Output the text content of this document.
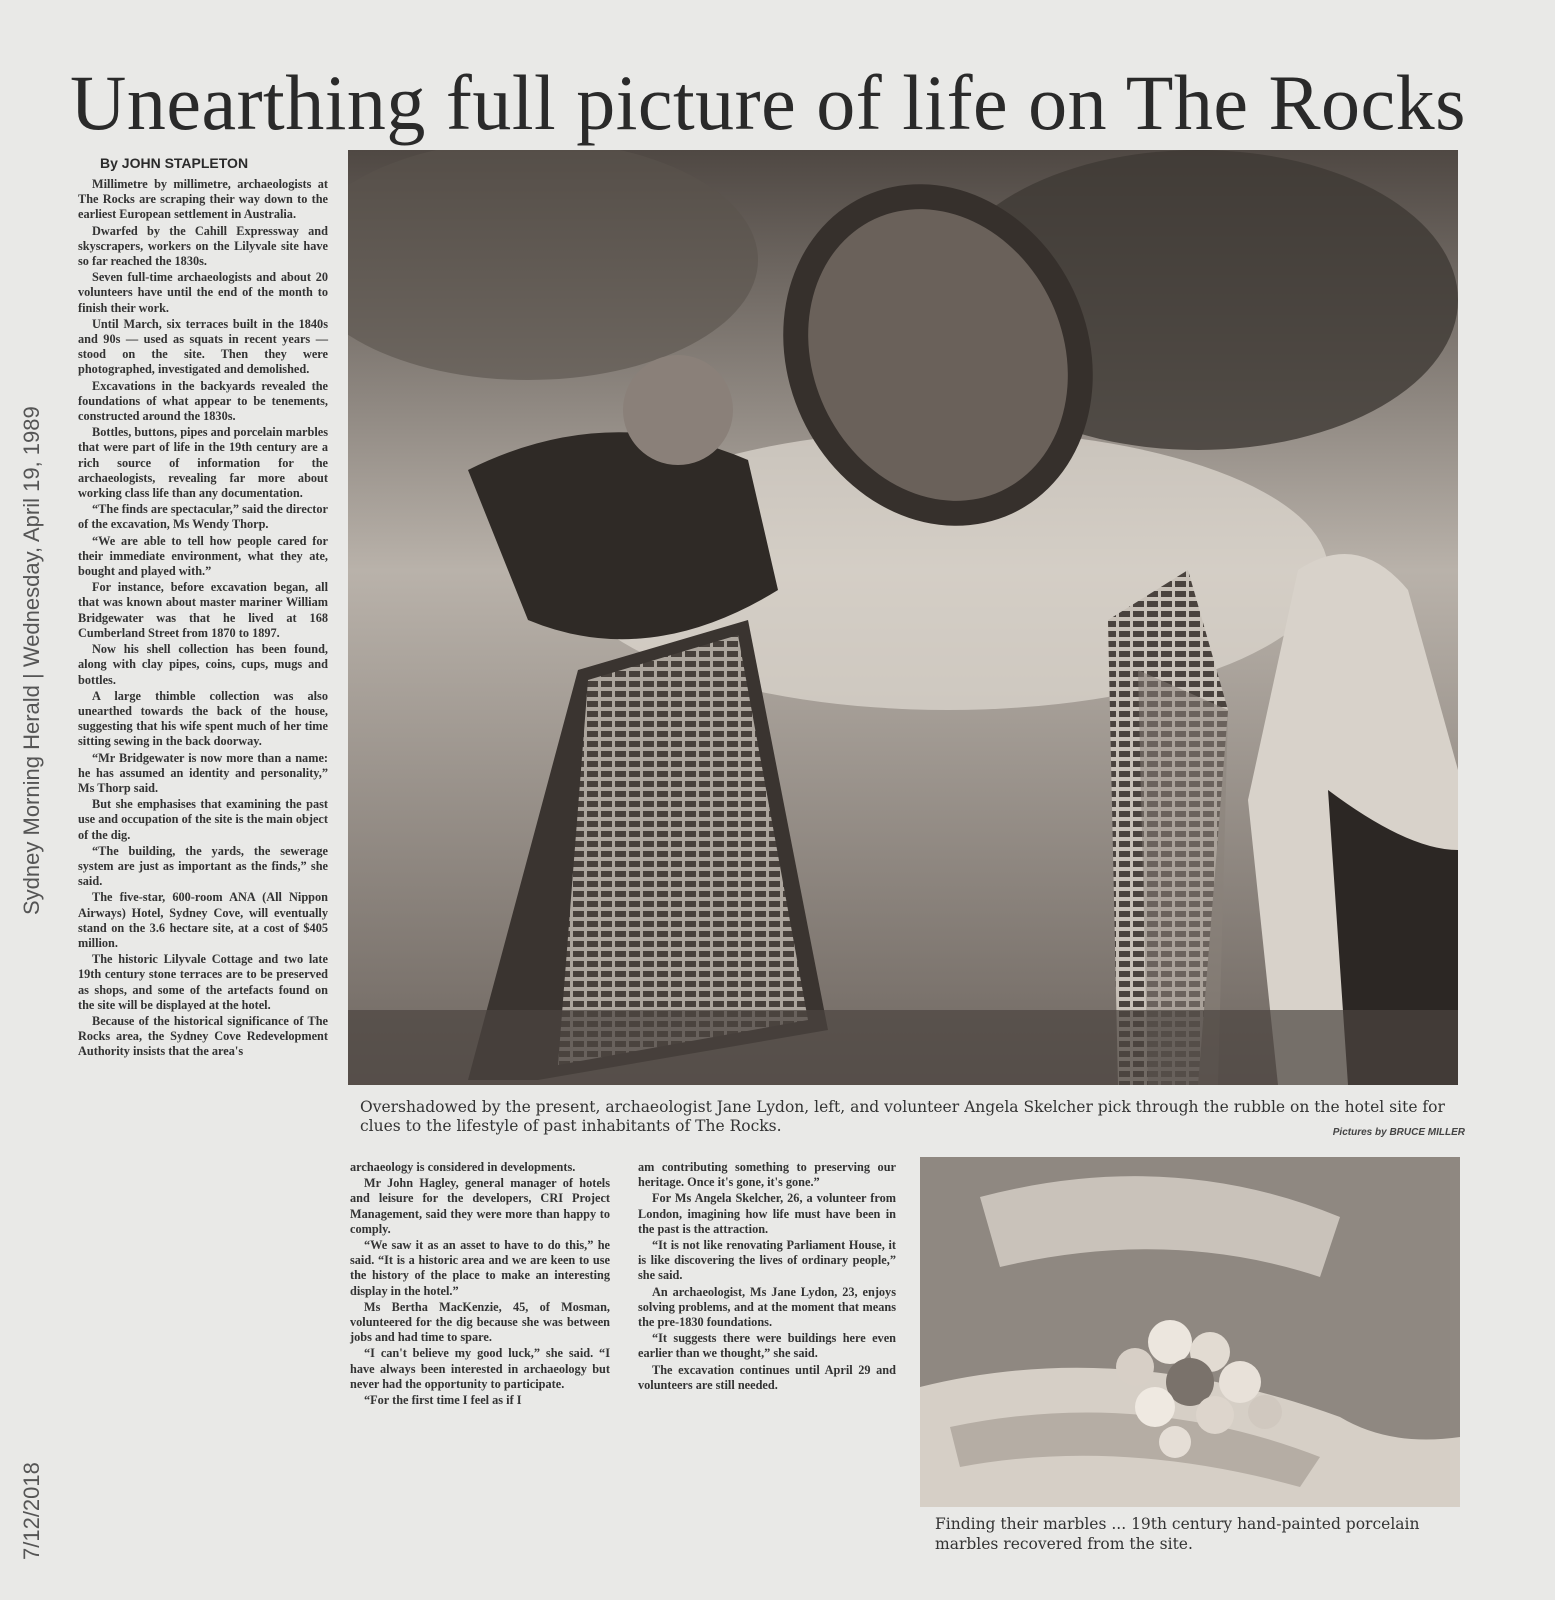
Unearthing full picture of life on The Rocks
Sydney Morning Herald | Wednesday, April 19, 1989
7/12/2018
By JOHN STAPLETON

Millimetre by millimetre, archaeologists at The Rocks are scraping their way down to the earliest European settlement in Australia.

Dwarfed by the Cahill Expressway and skyscrapers, workers on the Lilyvale site have so far reached the 1830s.

Seven full-time archaeologists and about 20 volunteers have until the end of the month to finish their work.

Until March, six terraces built in the 1840s and 90s — used as squats in recent years — stood on the site. Then they were photographed, investigated and demolished.

Excavations in the backyards revealed the foundations of what appear to be tenements, constructed around the 1830s.

Bottles, buttons, pipes and porcelain marbles that were part of life in the 19th century are a rich source of information for the archaeologists, revealing far more about working class life than any documentation.

“The finds are spectacular,” said the director of the excavation, Ms Wendy Thorp.

“We are able to tell how people cared for their immediate environment, what they ate, bought and played with.”

For instance, before excavation began, all that was known about master mariner William Bridgewater was that he lived at 168 Cumberland Street from 1870 to 1897.

Now his shell collection has been found, along with clay pipes, coins, cups, mugs and bottles.

A large thimble collection was also unearthed towards the back of the house, suggesting that his wife spent much of her time sitting sewing in the back doorway.

“Mr Bridgewater is now more than a name: he has assumed an identity and personality,” Ms Thorp said.

But she emphasises that examining the past use and occupation of the site is the main object of the dig.

“The building, the yards, the sewerage system are just as important as the finds,” she said.

The five-star, 600-room ANA (All Nippon Airways) Hotel, Sydney Cove, will eventually stand on the 3.6 hectare site, at a cost of $405 million.

The historic Lilyvale Cottage and two late 19th century stone terraces are to be preserved as shops, and some of the artefacts found on the site will be displayed at the hotel.

Because of the historical significance of The Rocks area, the Sydney Cove Redevelopment Authority insists that the area's

Overshadowed by the present, archaeologist Jane Lydon, left, and volunteer Angela Skelcher pick through the rubble on the hotel site for clues to the lifestyle of past inhabitants of The Rocks.	Pictures by BRUCE MILLER

archaeology is considered in developments.

Mr John Hagley, general manager of hotels and leisure for the developers, CRI Project Management, said they were more than happy to comply.

“We saw it as an asset to have to do this,” he said. “It is a historic area and we are keen to use the history of the place to make an interesting display in the hotel.”

Ms Bertha MacKenzie, 45, of Mosman, volunteered for the dig because she was between jobs and had time to spare.

“I can't believe my good luck,” she said. “I have always been interested in archaeology but never had the opportunity to participate.

“For the first time I feel as if I

am contributing something to preserving our heritage. Once it's gone, it's gone.”

For Ms Angela Skelcher, 26, a volunteer from London, imagining how life must have been in the past is the attraction.

“It is not like renovating Parliament House, it is like discovering the lives of ordinary people,” she said.

An archaeologist, Ms Jane Lydon, 23, enjoys solving problems, and at the moment that means the pre-1830 foundations.

“It suggests there were buildings here even earlier than we thought,” she said.

The excavation continues until April 29 and volunteers are still needed.

Finding their marbles ... 19th century hand-painted porcelain marbles recovered from the site.
